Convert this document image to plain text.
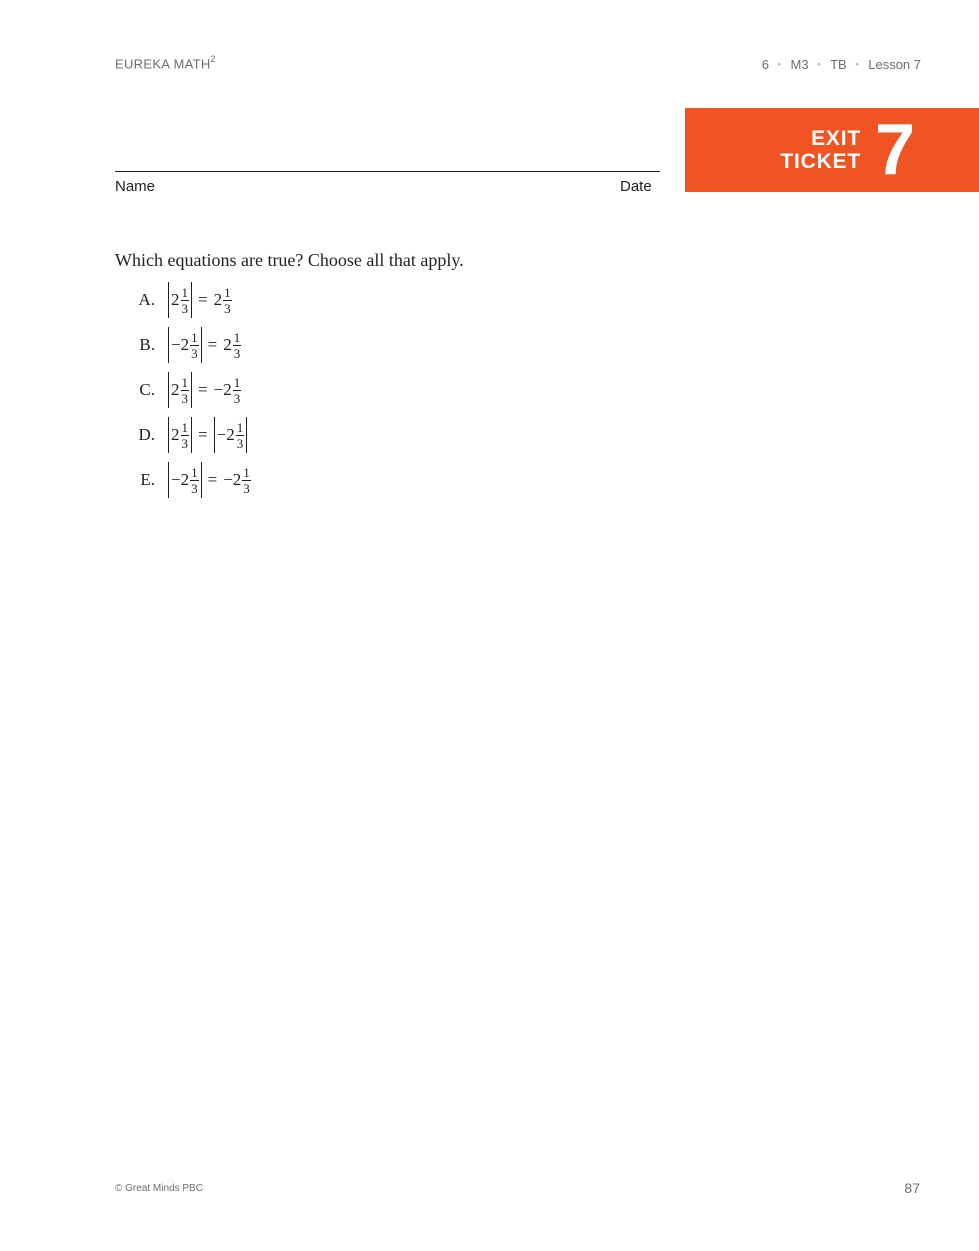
EUREKA MATH$^2$	6 ▸ M3 ▸ TB ▸ Lesson 7
EXIT
TICKET 7
Name	Date
Which equations are true? Choose all that apply.
A. $2 \frac{1}{3} = 2 \frac{1}{3}$
B. − $2 \frac{1}{3} = 2 \frac{1}{3}$
C. $2 \frac{1}{3}$ = − $2 \frac{1}{3}$
D. $2 \frac{1}{3}$ = − $2 \frac{1}{3}$
E. − $2 \frac{1}{3}$ = − $2 \frac{1}{3}$
© Great Minds PBC	87
